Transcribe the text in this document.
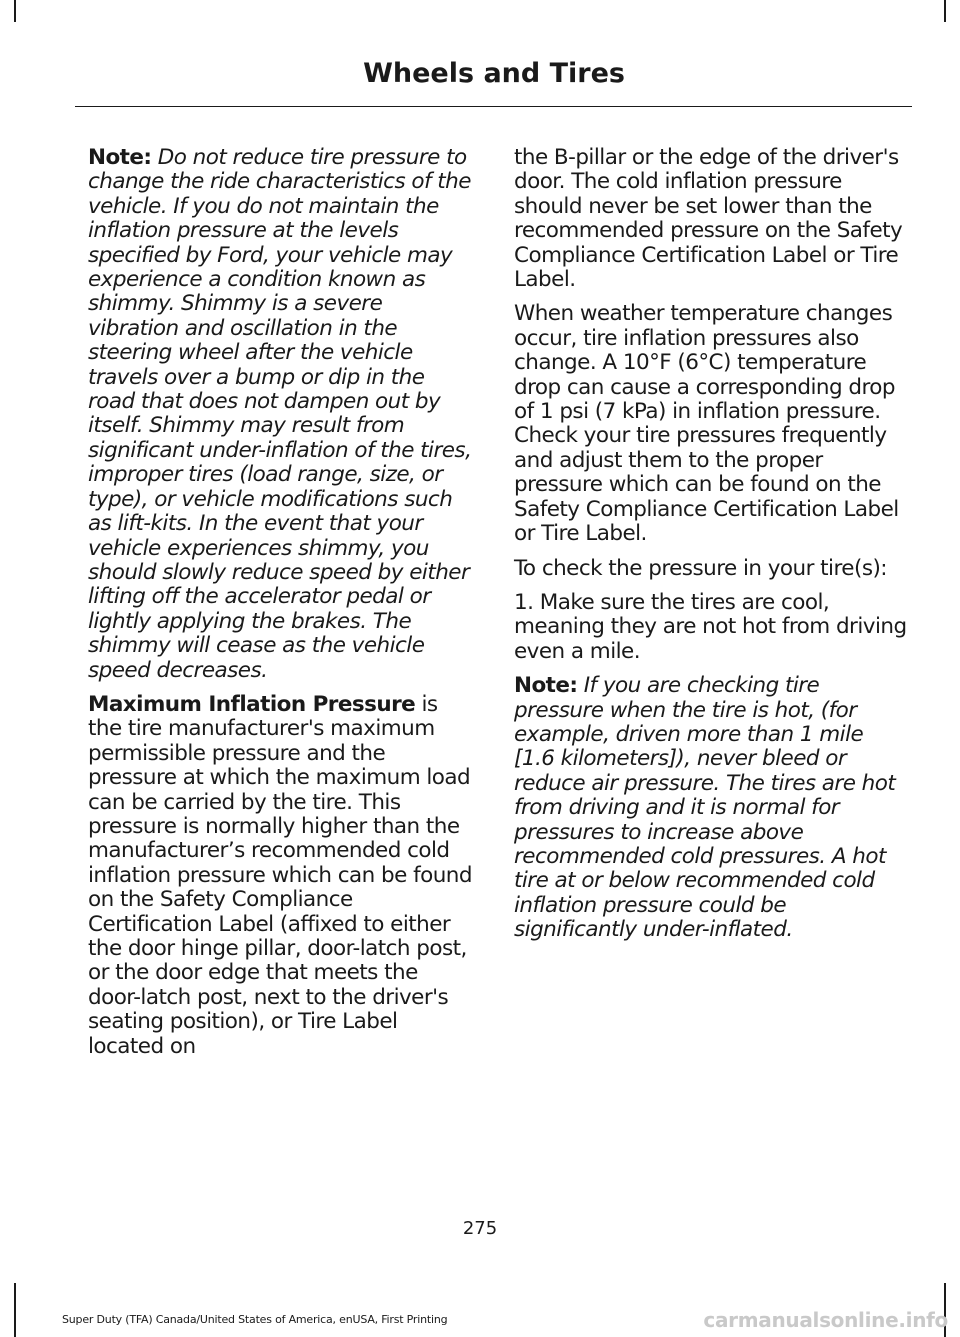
Wheels and Tires

Note: Do not reduce tire pressure to change the ride characteristics of the vehicle. If you do not maintain the inflation pressure at the levels specified by Ford, your vehicle may experience a condition known as shimmy. Shimmy is a severe vibration and oscillation in the steering wheel after the vehicle travels over a bump or dip in the road that does not dampen out by itself. Shimmy may result from significant under-inflation of the tires, improper tires (load range, size, or type), or vehicle modifications such as lift-kits. In the event that your vehicle experiences shimmy, you should slowly reduce speed by either lifting off the accelerator pedal or lightly applying the brakes. The shimmy will cease as the vehicle speed decreases.

Maximum Inflation Pressure is the tire manufacturer's maximum permissible pressure and the pressure at which the maximum load can be carried by the tire. This pressure is normally higher than the manufacturer’s recommended cold inflation pressure which can be found on the Safety Compliance Certification Label (affixed to either the door hinge pillar, door-latch post, or the door edge that meets the door-latch post, next to the driver's seating position), or Tire Label located on

the B-pillar or the edge of the driver's door. The cold inflation pressure should never be set lower than the recommended pressure on the Safety Compliance Certification Label or Tire Label.

When weather temperature changes occur, tire inflation pressures also change. A 10°F (6°C) temperature drop can cause a corresponding drop of 1 psi (7 kPa) in inflation pressure. Check your tire pressures frequently and adjust them to the proper pressure which can be found on the Safety Compliance Certification Label or Tire Label.

To check the pressure in your tire(s):

1. Make sure the tires are cool, meaning they are not hot from driving even a mile.

Note: If you are checking tire pressure when the tire is hot, (for example, driven more than 1 mile [1.6 kilometers]), never bleed or reduce air pressure. The tires are hot from driving and it is normal for pressures to increase above recommended cold pressures. A hot tire at or below recommended cold inflation pressure could be significantly under-inflated.

275
Super Duty (TFA) Canada/United States of America, enUSA, First Printing	carmanualsonline.info
